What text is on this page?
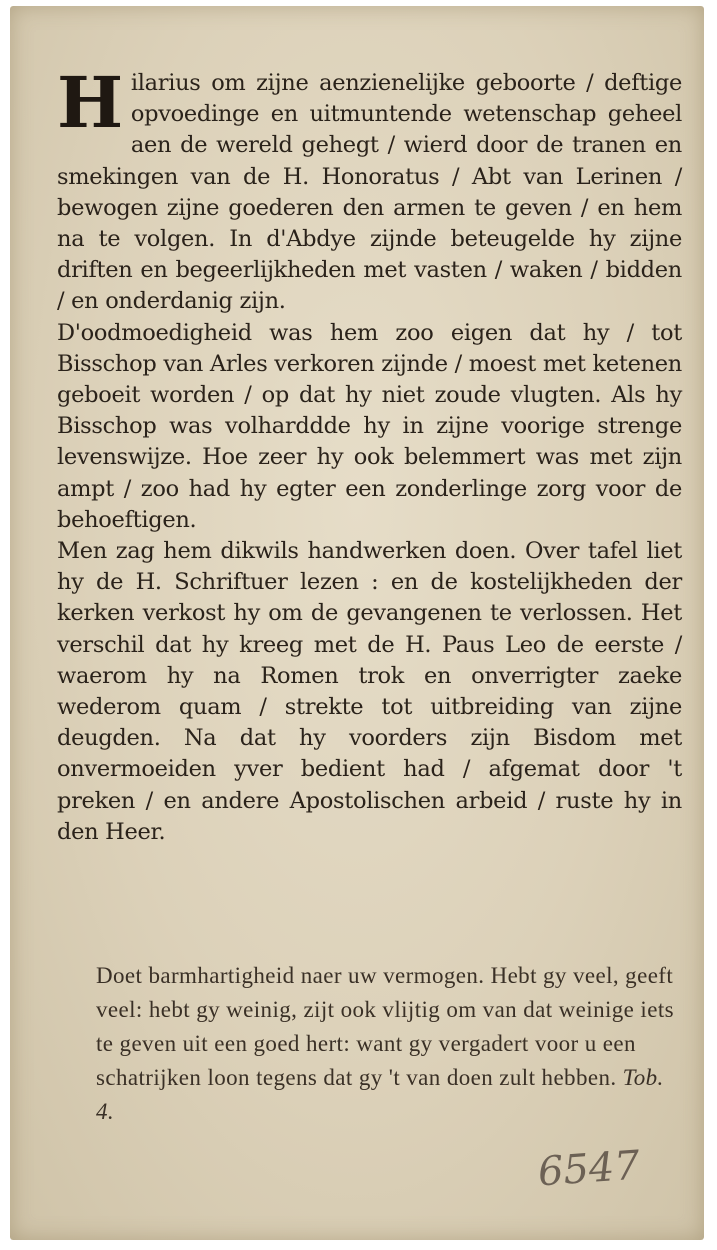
Hilarius om zijne aenzienelijke geboorte / deftige opvoedinge en uitmuntende wetenschap geheel aen de wereld gehegt / wierd door de tranen en smekingen van de H. Honoratus / Abt van Lerinen / bewogen zijne goederen den armen te geven / en hem na te volgen. In d'Abdye zijnde beteugelde hy zijne driften en begeerlijkheden met vasten / waken / bidden / en onderdanig zijn.

D'oodmoedigheid was hem zoo eigen dat hy / tot Bisschop van Arles verkoren zijnde / moest met ketenen geboeit worden / op dat hy niet zoude vlugten. Als hy Bisschop was volharddde hy in zijne voorige strenge levenswijze. Hoe zeer hy ook belemmert was met zijn ampt / zoo had hy egter een zonderlinge zorg voor de behoeftigen.

Men zag hem dikwils handwerken doen. Over tafel liet hy de H. Schriftuer lezen : en de kostelijkheden der kerken verkost hy om de gevangenen te verlossen. Het verschil dat hy kreeg met de H. Paus Leo de eerste / waerom hy na Romen trok en onverrigter zaeke wederom quam / strekte tot uitbreiding van zijne deugden. Na dat hy voorders zijn Bisdom met onvermoeiden yver bedient had / afgemat door 't preken / en andere Apostolischen arbeid / ruste hy in den Heer.

Doet barmhartigheid naer uw vermogen. Hebt gy veel, geeft veel: hebt gy weinig, zijt ook vlijtig om van dat weinige iets te geven uit een goed hert: want gy vergadert voor u een schatrijken loon tegens dat gy 't van doen zult hebben. Tob. 4.

6547
